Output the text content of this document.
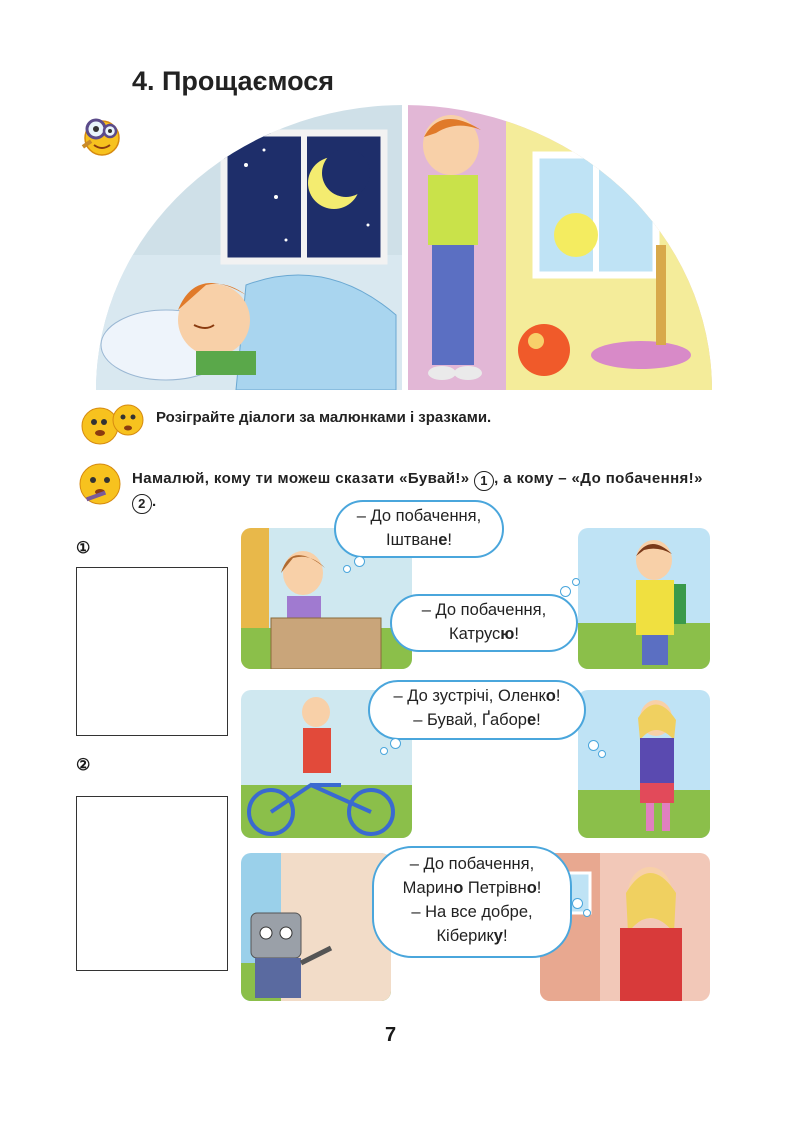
4. Прощаємося
Розіграйте діалоги за малюнками і зразками.
Намалюй, кому ти можеш сказати «Бувай!» 1 , а кому – «До побачення!» 2 .
①
②
– До побачення,
Іштване!
– До побачення,
Катрусю!
– До зустрічі, Оленко!
– Бувай, Ґаборе!
– До побачення,
Марино Петрівно!
– На все добре,
Кіберику!
7
